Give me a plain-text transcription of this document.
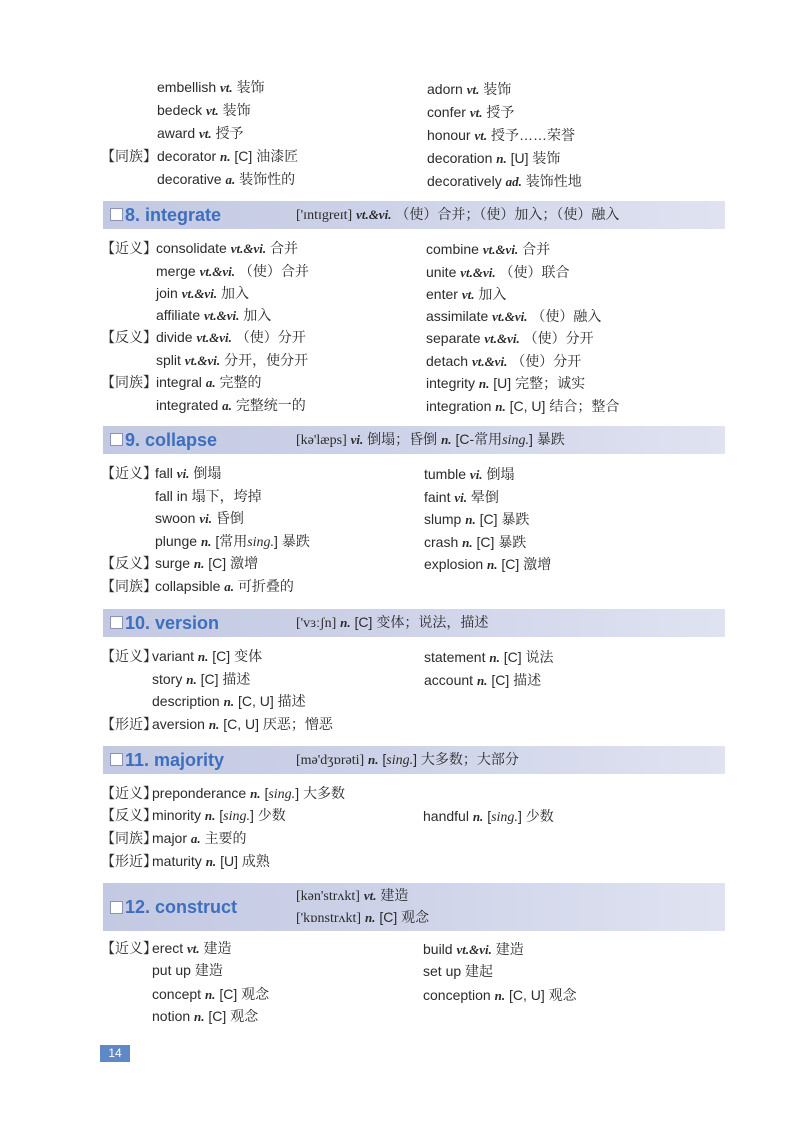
embellish vt. 装饰	adorn vt. 装饰
bedeck vt. 装饰	confer vt. 授予
award vt. 授予	honour vt. 授予……荣誉
【同族】 decorator n. [C] 油漆匠	decoration n. [U] 装饰
decorative a. 装饰性的	decoratively ad. 装饰性地
8. integrate	['ɪntɪgreɪt] vt.&vi. （使）合并；（使）加入；（使）融入
【近义】 consolidate vt.&vi. 合并	combine vt.&vi. 合并
merge vt.&vi. （使）合并	unite vt.&vi. （使）联合
join vt.&vi. 加入	enter vt. 加入
affiliate vt.&vi. 加入	assimilate vt.&vi. （使）融入
【反义】 divide vt.&vi. （使）分开	separate vt.&vi. （使）分开
split vt.&vi. 分开，使分开	detach vt.&vi. （使）分开
【同族】 integral a. 完整的	integrity n. [U] 完整；诚实
integrated a. 完整统一的	integration n. [C, U] 结合；整合
9. collapse	[kə'læps] vi. 倒塌；昏倒 n. [C-常用sing.] 暴跌
【近义】
fall vi. 倒塌	tumble vi. 倒塌
fall in 塌下，垮掉	faint vi. 晕倒
swoon vi. 昏倒	slump n. [C] 暴跌
plunge n. [常用sing.] 暴跌	crash n. [C] 暴跌
【反义】
surge n. [C] 激增	explosion n. [C] 激增
【同族】
collapsible a. 可折叠的
10. version	['vɜːʃn] n. [C] 变体；说法，描述
【近义】
variant n. [C] 变体	statement n. [C] 说法
story n. [C] 描述	account n. [C] 描述
description n. [C, U] 描述
【形近】
aversion n. [C, U] 厌恶；憎恶
11. majority	[mə'dʒɒrəti] n. [sing.] 大多数；大部分
【近义】
preponderance n. [sing.] 大多数
【反义】
minority n. [sing.] 少数	handful n. [sing.] 少数
【同族】
major a. 主要的
【形近】
maturity n. [U] 成熟
12. construct
[kən'strʌkt] vt. 建造
['kɒnstrʌkt] n. [C] 观念
【近义】
erect vt. 建造	build vt.&vi. 建造
put up 建造	set up 建起
concept n. [C] 观念	conception n. [C, U] 观念
notion n. [C] 观念
14
